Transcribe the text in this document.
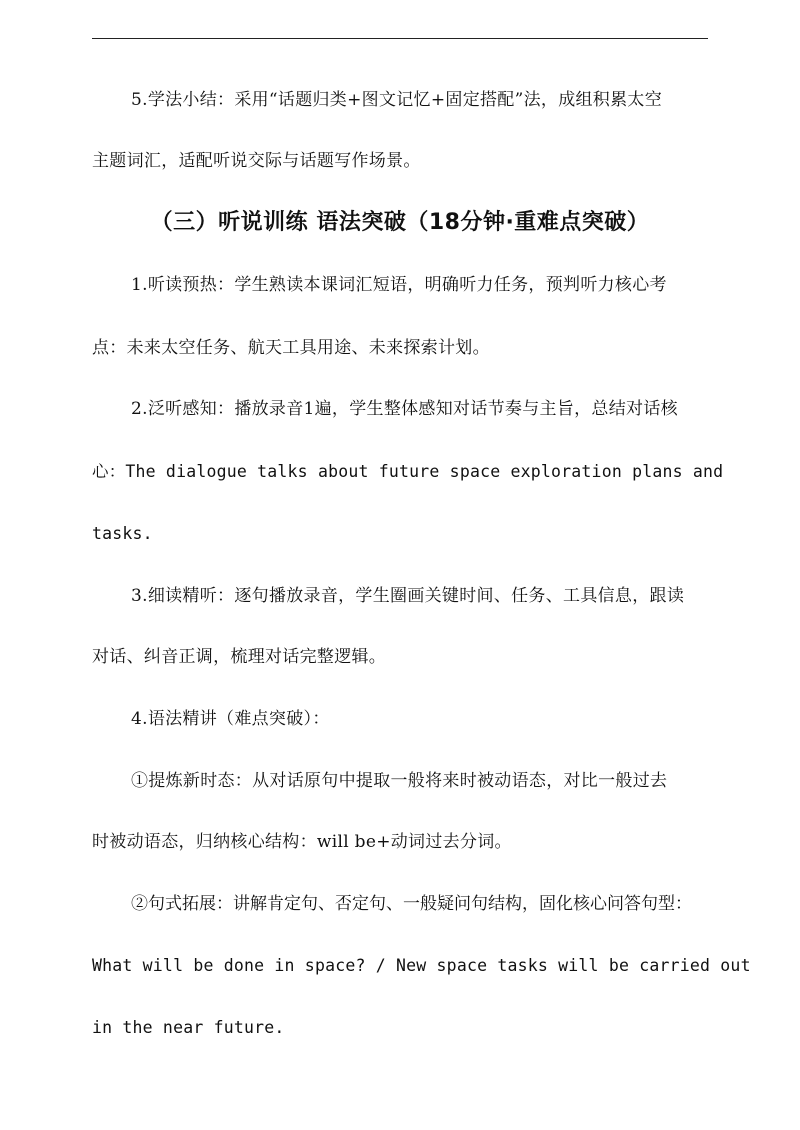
5.学法小结：采用“话题归类+图文记忆+固定搭配”法，成组积累太空
主题词汇，适配听说交际与话题写作场景。
（三）听说训练 语法突破（18分钟·重难点突破）
1.听读预热：学生熟读本课词汇短语，明确听力任务，预判听力核心考
点：未来太空任务、航天工具用途、未来探索计划。
2.泛听感知：播放录音1遍，学生整体感知对话节奏与主旨，总结对话核
心：The dialogue talks about future space exploration plans and
tasks.
3.细读精听：逐句播放录音，学生圈画关键时间、任务、工具信息，跟读
对话、纠音正调，梳理对话完整逻辑。
4.语法精讲（难点突破）：
①提炼新时态：从对话原句中提取一般将来时被动语态，对比一般过去
时被动语态，归纳核心结构：will be+动词过去分词。
②句式拓展：讲解肯定句、否定句、一般疑问句结构，固化核心问答句型：
What will be done in space? / New space tasks will be carried out
in the near future.
